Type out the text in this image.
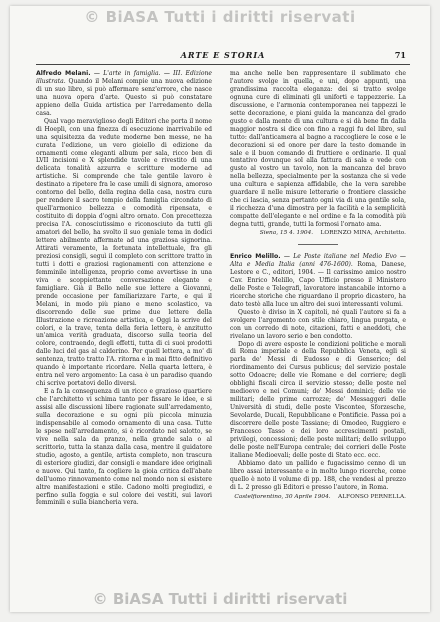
© BiASA Tutti i diritti riservati
ARTE E STORIA	71

Alfredo Melani. — L'arte in famiglia. — III. Edizione illustrata. Quando il Melani compie una nuova edizione di un suo libro, si può affermare senz'errore, che nasce una nuova opera d'arte. Questo si può constatare appieno della Guida artistica per l'arredamento della casa.

Qual vago meraviglioso degli Editori che porta il nome di Hoepli, con una finezza di esecuzione inarrivabile ed una squisitezza da vedute moderne ben messe, ne ha curata l'edizione, un vero gioiello di edizione da ornamenti come eleganti album per sala, ricco ben di LVII incisioni e X splendide tavole e rivestito di una delicata tonalità azzurra e scritture moderne ad artistiche. Si comprende che tale gentile lavoro è destinato a ripetere fra le case umili di signora, amoroso contorno del bello, della regina della casa, nostra cura per rendere il sacro tempio della famiglia circondato di quell'armonico bellezza e comodità ripensata, e costituito di doppia d'ogni altro ornato. Con precettezza precisa l'A. conosciutissimo e riconosciuto da tutti gli amatori del bello, ha svolto il suo geniale tema in dodici lettere abilmente affermate ad una graziosa signorina. Attirati veramente, la fortunata intellettuale, fra gli preziosi consigli, seguì il completo con scrittore tratto in tutti i dotti e graziosi ragionamenti con attenzione e femminile intelligenza, proprio come avvertisse in una viva e scoppiettante conversazione elegante e famigliare. Già il Bello nelle sue lettere a Giovanni, prende occasione per familiarizzare l'arte, e qui il Melani, in modo più piano e meno scolastico, va discorrendo delle sue prime due lettere della Illustrazione e ricreazione artistica, e Oggi la scrive del colori, e la trave, tenta della feria lettera, è anzitutto un'amica verità graduata, discorso sulla teoria del colore, contraendo, degli effetti, tutta di ci suoi prodotti dalle luci del gas al calderino. Per quell lettera, a mo' di sentenza, tratto tratto l'A. ritorna e in mai fitto definitivo quando è importante ricordare. Nella quarta lettera, è entra nel vero argomento: La casa è un paradiso quando chi scrive portatovi dello diversi.

E a fa la conseguenza di un ricco e grazioso quartiere che l'architetto vi schima tanto per fissare le idee, e si assisi alle discussioni libere ragionate sull'arredamento, sulla decorazione e su ogni più piccola minuzia indispensabile al comodo ornamento di una casa. Tutte le spese nell'arredamento, si è ricordato nel salotto, se vive nella sala da pranzo, nella grande sala o al scrittorio, tutta la stanza dalla casa, mentre il guidatore studio, agosto, a gentile, artista completo, non trascura di esteriore giudizi, dar consigli e mandare idee originali e nuove. Qui tanto, fa cogliere la gioia critica dell'abate dell'uomo rinnovamento come nel mondo non si esistere altre manifestazioni e stile. Cadono molti pregiudizi, e perfino sulla foggia e sul colore dei vestiti, sui lavori femminili e sulla biancheria vera.

ma anche nelle ben rappresentare il sublimato che l'autore svolge in quella, e uni, dopo appunti, una grandissima raccolta eleganza: dei si tratto svolge ognuna cure di eliminati gli uniforti e tappezzerie. La discussione, e l'armonia contemporanea nei tappezzi le sette decorazione, e piani guida la mancanza del grado gusto e dalla mente di una cultura e si dà bene fin dalla maggior nostra si dice con fino a raggi fu del libro, sul tutto: dall'anticamera al bagno a raccogliere le cose e le decorazioni si ed onore per dare la testo domande in sale e il buon comando di fruttiere e ordinarie. Il qual tentativo dovunque sol alla fattura di sala e vede con gusto al vostro un tavolo, non la mancanza del bravo nella bellezza, specialmente per la sostanza che si vede una cultura e sapienza affidabile, che la vera sarebbe guardare il nelle misure letterarie o frontiere classiche che ci lascia, senza pertanto ogni via di una gentile sola, il ricchezza d'una dimostra per la facilità e la semplicità compatte dell'elegante e nel ordine e fa la comodità più degna tutti, grande, tutti la formosi l'ornato ama.

Siena, 15 4. 1904. LORENZO MINA, Architetto.

Enrico Melillo. — Le Poste italiane nel Medio Evo — Alta e Media Italia (anni 476-1600). Roma, Danese, Lestore e C., editori, 1904. — Il carissimo amico nostro Cav. Enrico Melillo, Capo Ufficio presso il Ministero delle Poste e Telegrafi, lavoratore instancabile intorno a ricerche storiche che riguardano il proprio dicastero, ha dato testè alla luce un altro dei suoi interessanti volumi.

Questo è diviso in X capitoli, né quali l'autore si fa a svolgere l'argomento con stile chiaro, lingua purgata, e con un corredo di note, citazioni, fatti e aneddoti, che rivelano un lavoro serio e ben condotto.

Dopo di avere esposte le condizioni politiche e morali di Roma imperiale e della Repubblica Veneta, egli si parla de' Messi di Eudosso e di Genserico; del riordinamento dei Cursus publicus; del servizio postale sotto Odoacre; delle vie Romane e del corriere; degli obblighi fiscali circa il servizio stesso; delle poste nel medioevo e nei Comuni; de' Messi dominici; delle vie militari; delle prime carrozze; de' Messaggeri delle Università di studi, delle poste Viscontee, Sforzesche, Sevolarde, Ducali, Repubblicane e Pontificie. Passa poi a discorrere delle poste Tassiane; di Omodeo, Ruggiero e Francesco Tasso e dei loro accrescimenti postali, privilegi, concessioni; delle poste militari; dello sviluppo delle poste nell'Europa centrale; dei corrieri delle Poste italiane Medioevali; delle poste di Stato ecc. ecc.

Abbiamo dato un pallido e fugacissimo cenno di un libro assai interessante e in molto lungo ricerche, come quello è noto il volume di pp. 188, che vendesi al prezzo di L. 2 presso gli Editori e presso l'autore, in Roma.

Castelfiorentino, 30 Aprile 1904. ALFONSO PERNELLA.
© BiASA Tutti i diritti riservati
